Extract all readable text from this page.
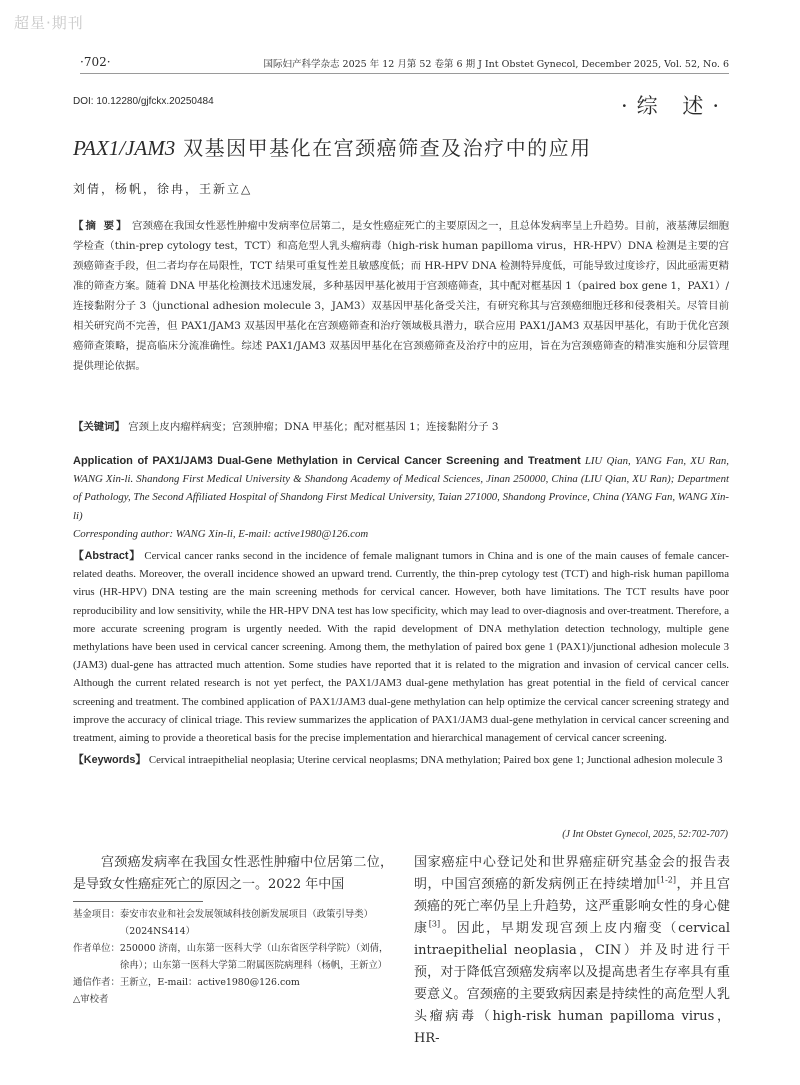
超星·期刊
·702·	国际妇产科学杂志 2025 年 12 月第 52 卷第 6 期 J Int Obstet Gynecol, December 2025, Vol. 52, No. 6
DOI: 10.12280/gjfckx.20250484	·综 述·
PAX1/JAM3 双基因甲基化在宫颈癌筛查及治疗中的应用
刘倩，杨帆，徐冉，王新立△

【摘 要】 宫颈癌在我国女性恶性肿瘤中发病率位居第二，是女性癌症死亡的主要原因之一，且总体发病率呈上升趋势。目前，液基薄层细胞学检查（thin-prep cytology test，TCT）和高危型人乳头瘤病毒（high-risk human papilloma virus，HR-HPV）DNA 检测是主要的宫颈癌筛查手段，但二者均存在局限性，TCT 结果可重复性差且敏感度低；而 HR-HPV DNA 检测特异度低，可能导致过度诊疗，因此亟需更精准的筛查方案。随着 DNA 甲基化检测技术迅速发展，多种基因甲基化被用于宫颈癌筛查，其中配对框基因 1（paired box gene 1，PAX1）/连接黏附分子 3（junctional adhesion molecule 3，JAM3）双基因甲基化备受关注，有研究称其与宫颈癌细胞迁移和侵袭相关。尽管目前相关研究尚不完善，但 PAX1/JAM3 双基因甲基化在宫颈癌筛查和治疗领域极具潜力，联合应用 PAX1/JAM3 双基因甲基化，有助于优化宫颈癌筛查策略，提高临床分流准确性。综述 PAX1/JAM3 双基因甲基化在宫颈癌筛查及治疗中的应用，旨在为宫颈癌筛查的精准实施和分层管理提供理论依据。

【关键词】 宫颈上皮内瘤样病变；宫颈肿瘤；DNA 甲基化；配对框基因 1；连接黏附分子 3

Application of PAX1/JAM3 Dual-Gene Methylation in Cervical Cancer Screening and Treatment LIU Qian, YANG Fan, XU Ran, WANG Xin-li. Shandong First Medical University & Shandong Academy of Medical Sciences, Jinan 250000, China (LIU Qian, XU Ran); Department of Pathology, The Second Affiliated Hospital of Shandong First Medical University, Taian 271000, Shandong Province, China (YANG Fan, WANG Xin-li)

Corresponding author: WANG Xin-li, E-mail: active1980@126.com

【Abstract】 Cervical cancer ranks second in the incidence of female malignant tumors in China and is one of the main causes of female cancer-related deaths. Moreover, the overall incidence showed an upward trend. Currently, the thin-prep cytology test (TCT) and high-risk human papilloma virus (HR-HPV) DNA testing are the main screening methods for cervical cancer. However, both have limitations. The TCT results have poor reproducibility and low sensitivity, while the HR-HPV DNA test has low specificity, which may lead to over-diagnosis and over-treatment. Therefore, a more accurate screening program is urgently needed. With the rapid development of DNA methylation detection technology, multiple gene methylations have been used in cervical cancer screening. Among them, the methylation of paired box gene 1 (PAX1)/junctional adhesion molecule 3 (JAM3) dual-gene has attracted much attention. Some studies have reported that it is related to the migration and invasion of cervical cancer cells. Although the current related research is not yet perfect, the PAX1/JAM3 dual-gene methylation has great potential in the field of cervical cancer screening and treatment. The combined application of PAX1/JAM3 dual-gene methylation can help optimize the cervical cancer screening strategy and improve the accuracy of clinical triage. This review summarizes the application of PAX1/JAM3 dual-gene methylation in cervical cancer screening and treatment, aiming to provide a theoretical basis for the precise implementation and hierarchical management of cervical cancer screening.

【Keywords】 Cervical intraepithelial neoplasia; Uterine cervical neoplasms; DNA methylation; Paired box gene 1; Junctional adhesion molecule 3

(J Int Obstet Gynecol, 2025, 52:702-707)

宫颈癌发病率在我国女性恶性肿瘤中位居第二位，是导致女性癌症死亡的原因之一。2022 年中国

基金项目： 泰安市农业和社会发展领域科技创新发展项目（政策引导类）（2024NS414）
作者单位： 250000 济南，山东第一医科大学（山东省医学科学院）（刘倩，徐冉）；山东第一医科大学第二附属医院病理科（杨帆，王新立）
通信作者：王新立，E-mail：active1980@126.com
△审校者

国家癌症中心登记处和世界癌症研究基金会的报告表明，中国宫颈癌的新发病例正在持续增加[1-2]，并且宫颈癌的死亡率仍呈上升趋势，这严重影响女性的身心健康[3]。因此，早期发现宫颈上皮内瘤变（cervical intraepithelial neoplasia，CIN）并及时进行干预，对于降低宫颈癌发病率以及提高患者生存率具有重要意义。宫颈癌的主要致病因素是持续性的高危型人乳头瘤病毒（high-risk human papilloma virus，HR-
